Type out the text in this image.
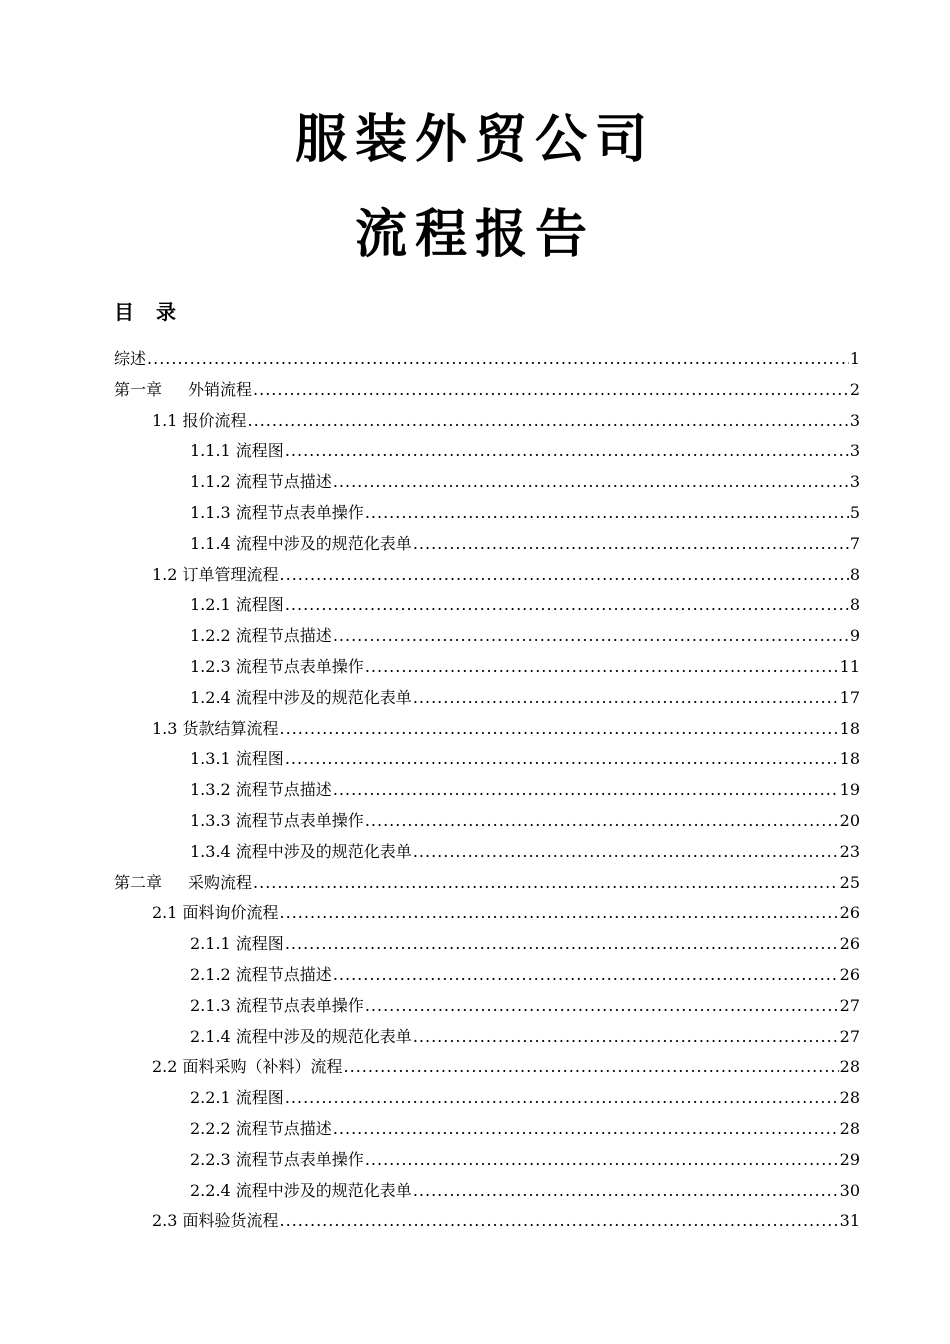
服装外贸公司
流程报告
目 录
综述 .....	1
第一章 外销流程 .....	2
1.1 报价流程 .....	3
1.1.1 流程图 .....	3
1.1.2 流程节点描述 .....	3
1.1.3 流程节点表单操作 .....	5
1.1.4 流程中涉及的规范化表单 .....	7
1.2 订单管理流程 .....	8
1.2.1 流程图 .....	8
1.2.2 流程节点描述 .....	9
1.2.3 流程节点表单操作 .....	11
1.2.4 流程中涉及的规范化表单 .....	17
1.3 货款结算流程 .....	18
1.3.1 流程图 .....	18
1.3.2 流程节点描述 .....	19
1.3.3 流程节点表单操作 .....	20
1.3.4 流程中涉及的规范化表单 .....	23
第二章 采购流程 .....	25
2.1 面料询价流程 .....	26
2.1.1 流程图 .....	26
2.1.2 流程节点描述 .....	26
2.1.3 流程节点表单操作 .....	27
2.1.4 流程中涉及的规范化表单 .....	27
2.2 面料采购（补料）流程 .....	28
2.2.1 流程图 .....	28
2.2.2 流程节点描述 .....	28
2.2.3 流程节点表单操作 .....	29
2.2.4 流程中涉及的规范化表单 .....	30
2.3 面料验货流程 .....	31
